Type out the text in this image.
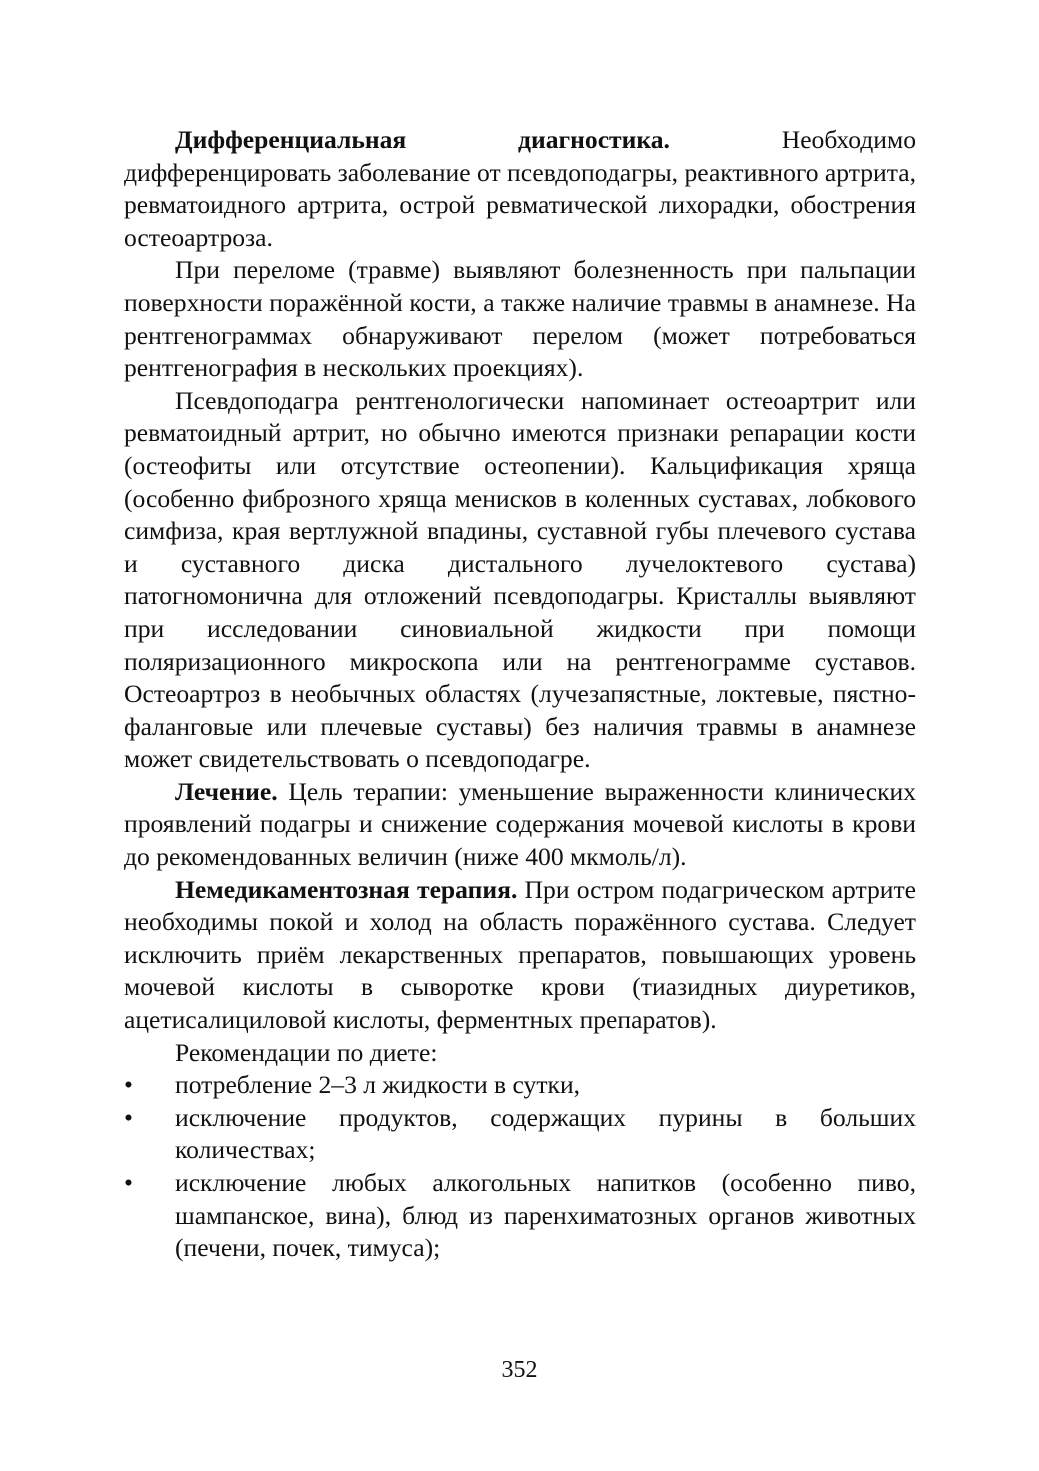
Дифференциальная диагностика. Необходимо дифференцировать заболевание от псевдоподагры, реактивного артрита, ревматоидного артрита, острой ревматической лихорадки, обострения остеоартроза.

При переломе (травме) выявляют болезненность при пальпации поверхности поражённой кости, а также наличие травмы в анамнезе. На рентгенограммах обнаруживают перелом (может потребоваться рентгенография в нескольких проекциях).

Псевдоподагра рентгенологически напоминает остеоартрит или ревматоидный артрит, но обычно имеются признаки репарации кости (остеофиты или отсутствие остеопении). Кальцификация хряща (особенно фиброзного хряща менисков в коленных суставах, лобкового симфиза, края вертлужной впадины, суставной губы плечевого сустава и суставного диска дистального лучелоктевого сустава) патогномонична для отложений псевдоподагры. Кристаллы выявляют при исследовании синовиальной жидкости при помощи поляризационного микроскопа или на рентгенограмме суставов. Остеоартроз в необычных областях (лучезапястные, локтевые, пястно-фаланговые или плечевые суставы) без наличия травмы в анамнезе может свидетельствовать о псевдоподагре.

Лечение. Цель терапии: уменьшение выраженности клинических проявлений подагры и снижение содержания мочевой кислоты в крови до рекомендованных величин (ниже 400 мкмоль/л).

Немедикаментозная терапия. При остром подагрическом артрите необходимы покой и холод на область поражённого сустава. Следует исключить приём лекарственных препаратов, повышающих уровень мочевой кислоты в сыворотке крови (тиазидных диуретиков, ацетисалициловой кислоты, ферментных препаратов).

Рекомендации по диете:

•	потребление 2–3 л жидкости в сутки,
•	исключение продуктов, содержащих пурины в больших количествах;
•	исключение любых алкогольных напитков (особенно пиво, шампанское, вина), блюд из паренхиматозных органов животных (печени, почек, тимуса);
352
